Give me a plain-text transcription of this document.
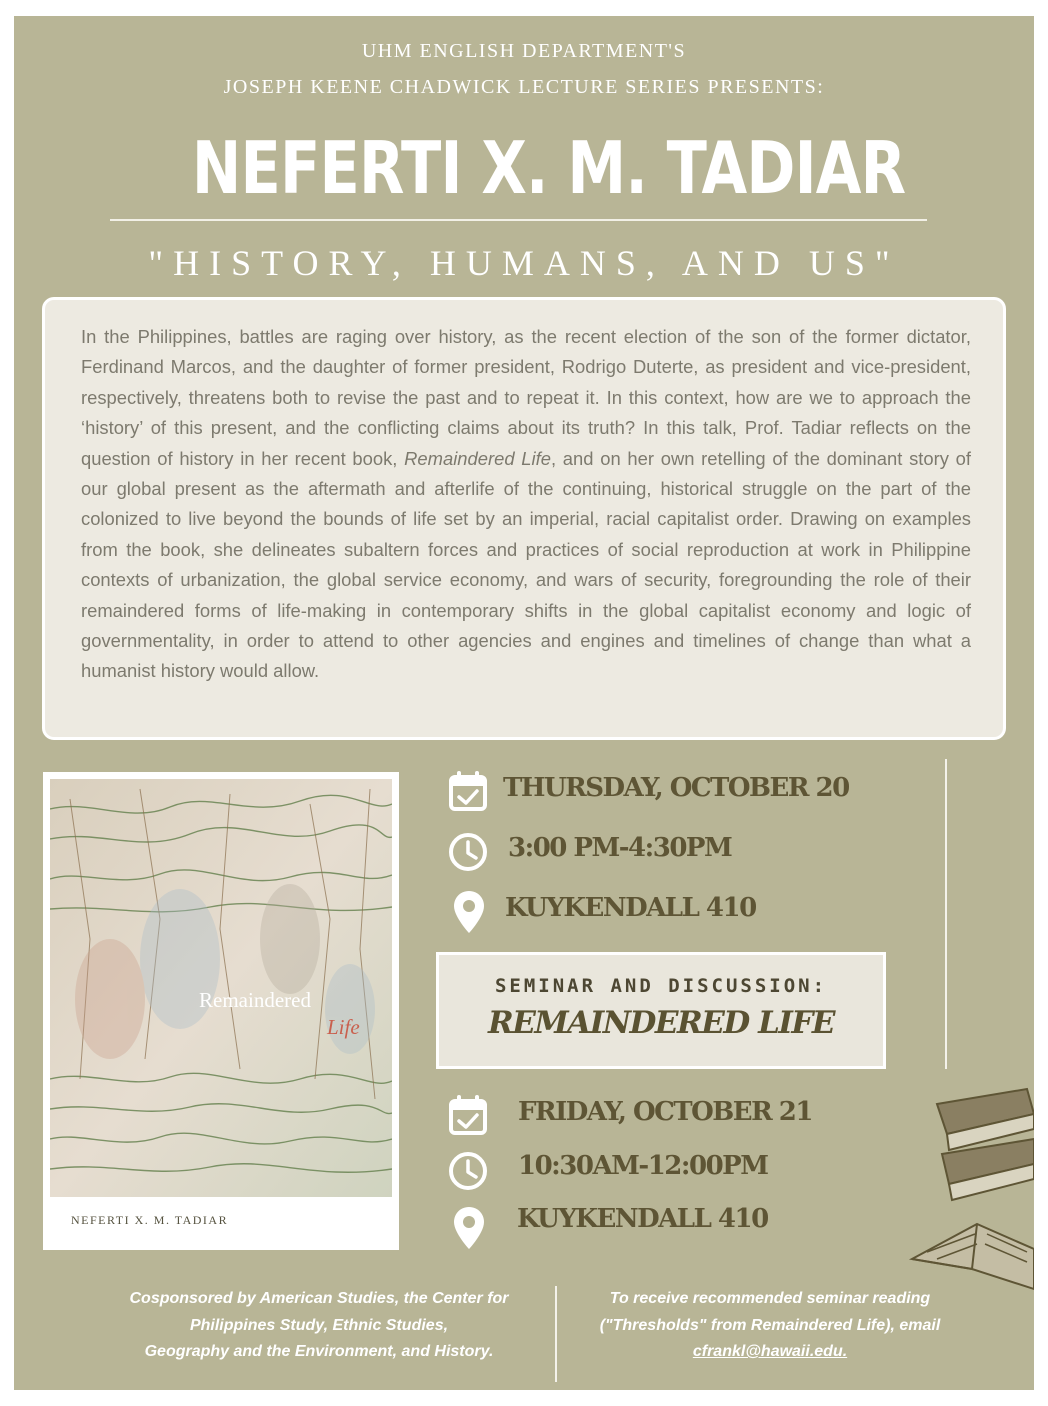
UHM ENGLISH DEPARTMENT'S
JOSEPH KEENE CHADWICK LECTURE SERIES PRESENTS:
NEFERTI X. M. TADIAR
"HISTORY, HUMANS, AND US"

In the Philippines, battles are raging over history, as the recent election of the son of the former dictator, Ferdinand Marcos, and the daughter of former president, Rodrigo Duterte, as president and vice-president, respectively, threatens both to revise the past and to repeat it. In this context, how are we to approach the ‘history’ of this present, and the conflicting claims about its truth? In this talk, Prof. Tadiar reflects on the question of history in her recent book, Remaindered Life, and on her own retelling of the dominant story of our global present as the aftermath and afterlife of the continuing, historical struggle on the part of the colonized to live beyond the bounds of life set by an imperial, racial capitalist order. Drawing on examples from the book, she delineates subaltern forces and practices of social reproduction at work in Philippine contexts of urbanization, the global service economy, and wars of security, foregrounding the role of their remaindered forms of life-making in contemporary shifts in the global capitalist economy and logic of governmentality, in order to attend to other agencies and engines and timelines of change than what a humanist history would allow.

Remaindered
Life
NEFERTI X. M. TADIAR
THURSDAY, OCTOBER 20
3:00 PM-4:30PM
KUYKENDALL 410
SEMINAR AND DISCUSSION:
REMAINDERED LIFE
FRIDAY, OCTOBER 21
10:30AM-12:00PM
KUYKENDALL 410
Cosponsored by American Studies, the Center for
Philippines Study, Ethnic Studies,
Geography and the Environment, and History.
To receive recommended seminar reading
("Thresholds" from Remaindered Life), email
cfrankl@hawaii.edu.
